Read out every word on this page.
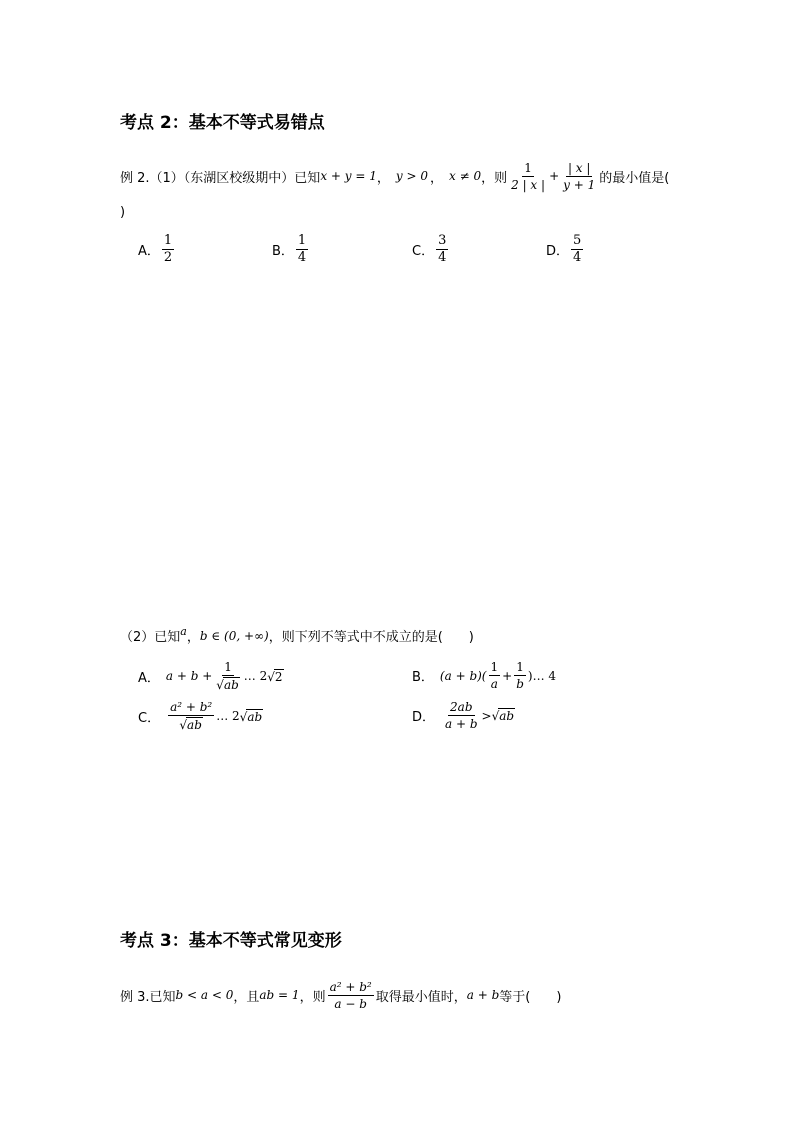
考点 2：基本不等式易错点
例 2.（1）（东湖区校级期中）已知 x + y = 1 ， y > 0 ， x ≠ 0 ，则 $\frac{1}{2 | x |} + \frac{| x |}{y + 1}$ 的最小值是(
)
A． $\frac{1}{2}$	B． $\frac{1}{4}$	C． $\frac{3}{4}$	D． $\frac{5}{4}$
（2）已知 a ， b ∈ (0, +∞) ，则下列不等式中不成立的是(　　)
A． $a + b + \frac{1}{√ab}$ … 2 √2	B． $(a + b)( \frac{1}{a} + \frac{1}{b}$ )… 4
C． $\frac{\text{a² + b²}}{√ab}$ … 2 √ab	D． $\frac{2ab}{a + b} > √ab$
考点 3：基本不等式常见变形
例 3.已知 b < a < 0 ，且 ab = 1 ，则 $\frac{\text{a² + b²}}{a - b}$ 取得最小值时， a + b 等于(　　)
